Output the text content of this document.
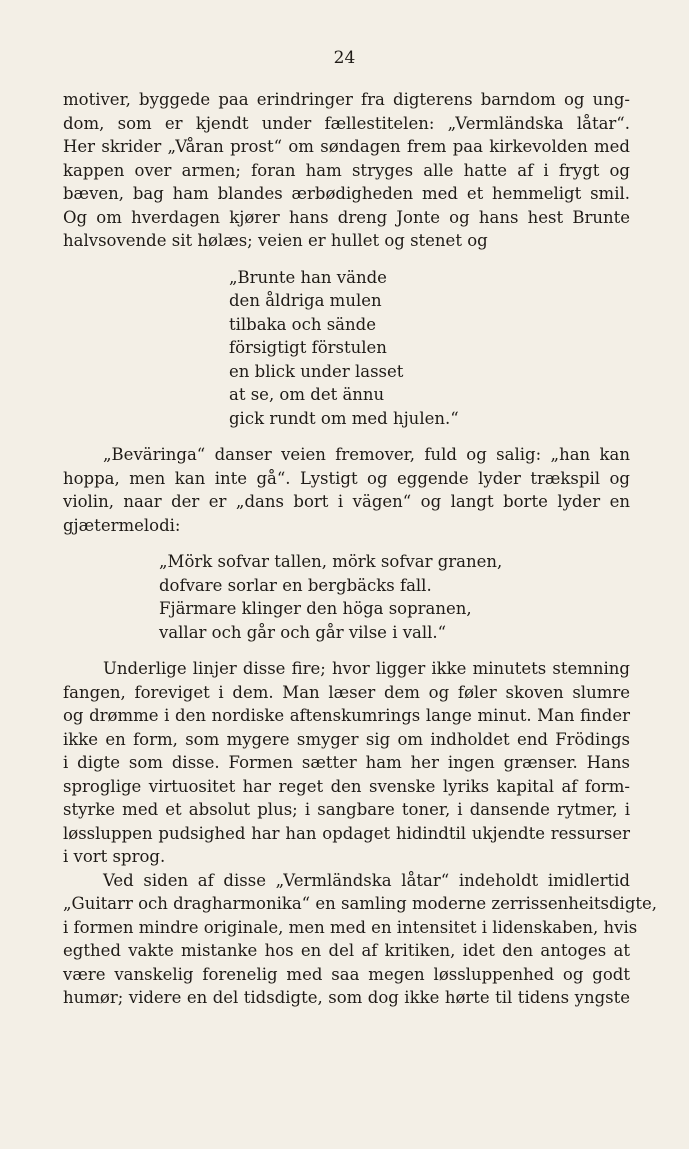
24
motiver, byggede paa erindringer fra digterens barndom og ung-
dom, som er kjendt under fællestitelen: „Vermländska låtar“.
Her skrider „Våran prost“ om søndagen frem paa kirkevolden med
kappen over armen; foran ham stryges alle hatte af i frygt og
bæven, bag ham blandes ærbødigheden med et hemmeligt smil.
Og om hverdagen kjører hans dreng Jonte og hans hest Brunte
halvsovende sit hølæs; veien er hullet og stenet og
„Brunte han vände
den åldriga mulen
tilbaka och sände
försigtigt förstulen
en blick under lasset
at se, om det ännu
gick rundt om med hjulen.“
„Beväringa“ danser veien fremover, fuld og salig: „han kan
hoppa, men kan inte gå“. Lystigt og eggende lyder trækspil og
violin, naar der er „dans bort i vägen“ og langt borte lyder en
gjætermelodi:
„Mörk sofvar tallen, mörk sofvar granen,
dofvare sorlar en bergbäcks fall.
Fjärmare klinger den höga sopranen,
vallar och går och går vilse i vall.“
Underlige linjer disse fire; hvor ligger ikke minutets stemning
fangen, foreviget i dem. Man læser dem og føler skoven slumre
og drømme i den nordiske aftenskumrings lange minut. Man finder
ikke en form, som mygere smyger sig om indholdet end Frödings
i digte som disse. Formen sætter ham her ingen grænser. Hans
sproglige virtuositet har reget den svenske lyriks kapital af form-
styrke med et absolut plus; i sangbare toner, i dansende rytmer, i
løssluppen pudsighed har han opdaget hidindtil ukjendte ressurser
i vort sprog.
Ved siden af disse „Vermländska låtar“ indeholdt imidlertid
„Guitarr och dragharmonika“ en samling moderne zerrissenheitsdigte,
i formen mindre originale, men med en intensitet i lidenskaben, hvis
egthed vakte mistanke hos en del af kritiken, idet den antoges at
være vanskelig forenelig med saa megen løssluppenhed og godt
humør; videre en del tidsdigte, som dog ikke hørte til tidens yngste
